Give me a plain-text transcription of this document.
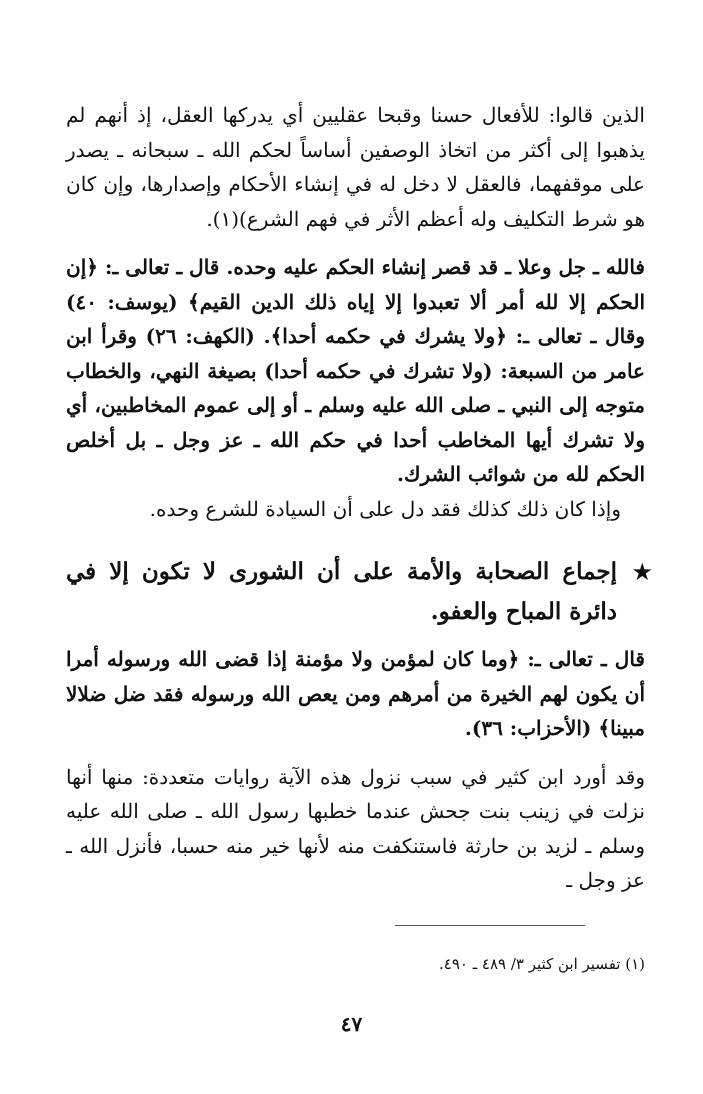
الذين قالوا: للأفعال حسنا وقبحا عقليين أي يدركها العقل، إذ أنهم لم يذهبوا إلى أكثر من اتخاذ الوصفين أساساً لحكم الله ـ سبحانه ـ يصدر على موقفهما، فالعقل لا دخل له في إنشاء الأحكام وإصدارها، وإن كان هو شرط التكليف وله أعظم الأثر في فهم الشرع)(١).

فالله ـ جل وعلا ـ قد قصر إنشاء الحكم عليه وحده. قال ـ تعالى ـ: ﴿إن الحكم إلا لله أمر ألا تعبدوا إلا إياه ذلك الدين القيم﴾ (يوسف: ٤٠) وقال ـ تعالى ـ: ﴿ولا يشرك في حكمه أحدا﴾. (الكهف: ٢٦) وقرأ ابن عامر من السبعة: (ولا تشرك في حكمه أحدا) بصيغة النهي، والخطاب متوجه إلى النبي ـ صلى الله عليه وسلم ـ أو إلى عموم المخاطبين، أي ولا تشرك أيها المخاطب أحدا في حكم الله ـ عز وجل ـ بل أخلص الحكم لله من شوائب الشرك.

وإذا كان ذلك كذلك فقد دل على أن السيادة للشرع وحده.

★
إجماع الصحابة والأمة على أن الشورى لا تكون إلا في دائرة المباح والعفو.

قال ـ تعالى ـ: ﴿وما كان لمؤمن ولا مؤمنة إذا قضى الله ورسوله أمرا أن يكون لهم الخيرة من أمرهم ومن يعص الله ورسوله فقد ضل ضلالا مبينا﴾ (الأحزاب: ٣٦).

وقد أورد ابن كثير في سبب نزول هذه الآية روايات متعددة: منها أنها نزلت في زينب بنت جحش عندما خطبها رسول الله ـ صلى الله عليه وسلم ـ لزيد بن حارثة فاستنكفت منه لأنها خير منه حسبا، فأنزل الله ـ عز وجل ـ

(١) تفسير ابن كثير ٣/ ٤٨٩ ـ ٤٩٠.
٤٧
